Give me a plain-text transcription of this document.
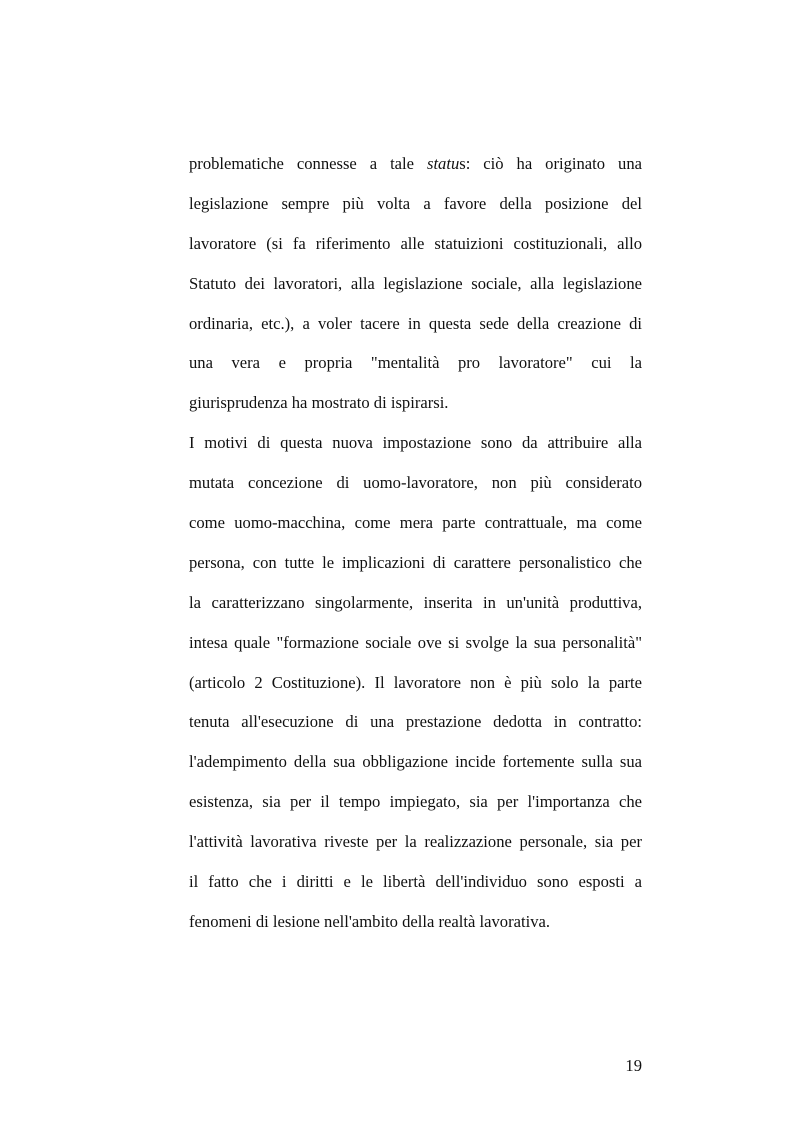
problematiche connesse a tale status: ciò ha originato una
legislazione sempre più volta a favore della posizione del
lavoratore (si fa riferimento alle statuizioni costituzionali, allo
Statuto dei lavoratori, alla legislazione sociale, alla legislazione
ordinaria, etc.), a voler tacere in questa sede della creazione di
una vera e propria "mentalità pro lavoratore" cui la
giurisprudenza ha mostrato di ispirarsi.
I motivi di questa nuova impostazione sono da attribuire alla
mutata concezione di uomo-lavoratore, non più considerato
come uomo-macchina, come mera parte contrattuale, ma come
persona, con tutte le implicazioni di carattere personalistico che
la caratterizzano singolarmente, inserita in un'unità produttiva,
intesa quale "formazione sociale ove si svolge la sua personalità"
(articolo 2 Costituzione). Il lavoratore non è più solo la parte
tenuta all'esecuzione di una prestazione dedotta in contratto:
l'adempimento della sua obbligazione incide fortemente sulla sua
esistenza, sia per il tempo impiegato, sia per l'importanza che
l'attività lavorativa riveste per la realizzazione personale, sia per
il fatto che i diritti e le libertà dell'individuo sono esposti a
fenomeni di lesione nell'ambito della realtà lavorativa.
19
